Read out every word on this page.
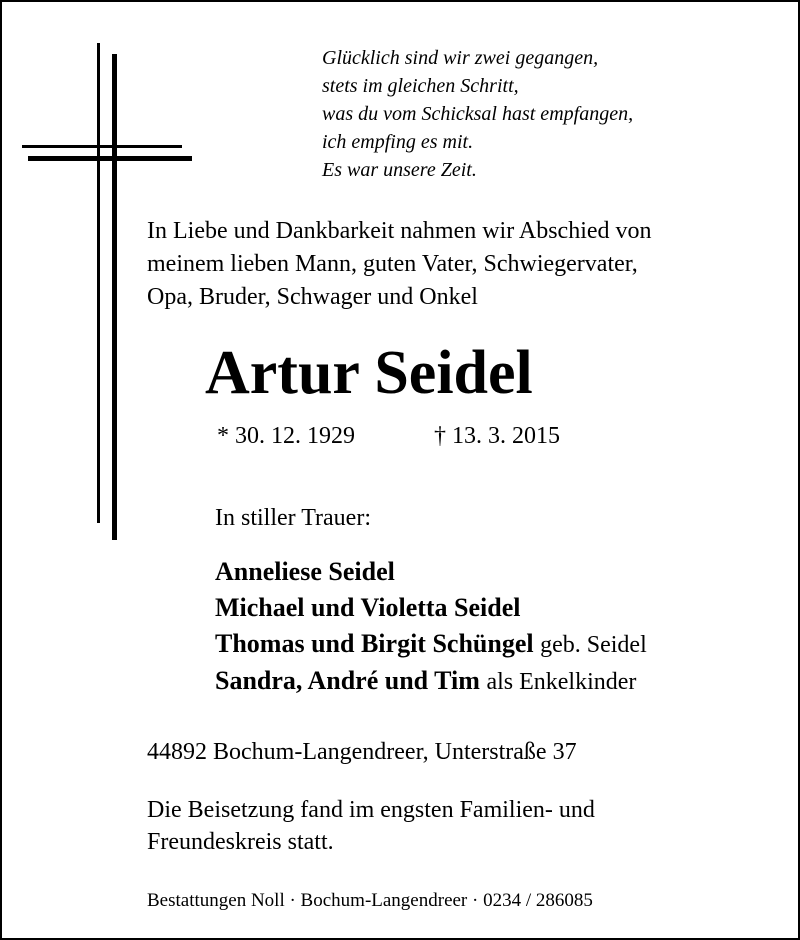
Glücklich sind wir zwei gegangen,
stets im gleichen Schritt,
was du vom Schicksal hast empfangen,
ich empfing es mit.
Es war unsere Zeit.
In Liebe und Dankbarkeit nahmen wir Abschied von
meinem lieben Mann, guten Vater, Schwiegervater,
Opa, Bruder, Schwager und Onkel
Artur Seidel
* 30. 12. 1929	† 13. 3. 2015
In stiller Trauer:
Anneliese Seidel
Michael und Violetta Seidel
Thomas und Birgit Schüngel geb. Seidel
Sandra, André und Tim als Enkelkinder
44892 Bochum-Langendreer, Unterstraße 37
Die Beisetzung fand im engsten Familien- und
Freundeskreis statt.
Bestattungen Noll · Bochum-Langendreer · 0234 / 286085
